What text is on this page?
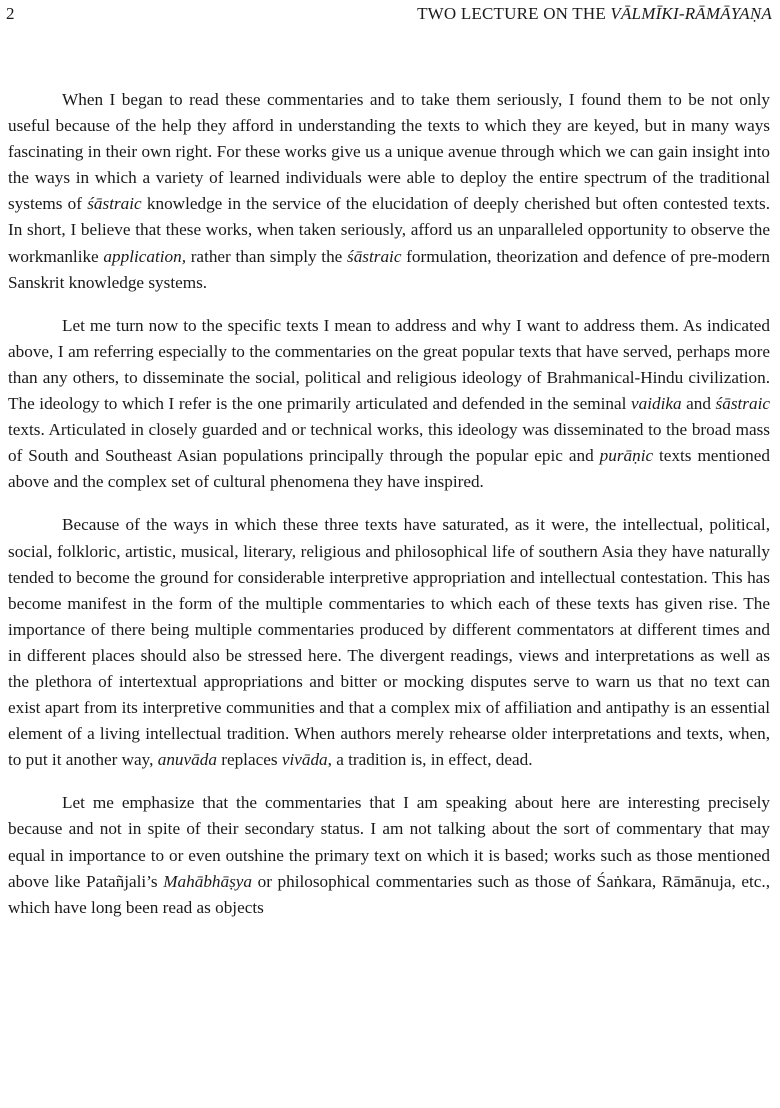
2	TWO LECTURE ON THE VĀLMĪKI-RĀMĀYAṆA

When I began to read these commentaries and to take them seriously, I found them to be not only useful because of the help they afford in understanding the texts to which they are keyed, but in many ways fascinating in their own right. For these works give us a unique avenue through which we can gain insight into the ways in which a variety of learned individuals were able to deploy the entire spectrum of the traditional systems of śāstraic knowledge in the service of the elucidation of deeply cherished but often contested texts. In short, I believe that these works, when taken seriously, afford us an unparalleled opportunity to observe the workmanlike application, rather than simply the śāstraic formulation, theorization and defence of pre-modern Sanskrit knowledge systems.

Let me turn now to the specific texts I mean to address and why I want to address them. As indicated above, I am referring especially to the commentaries on the great popular texts that have served, perhaps more than any others, to disseminate the social, political and religious ideology of Brahmanical-Hindu civilization. The ideology to which I refer is the one primarily articulated and defended in the seminal vaidika and śāstraic texts. Articulated in closely guarded and or technical works, this ideology was disseminated to the broad mass of South and Southeast Asian populations principally through the popular epic and purāṇic texts mentioned above and the complex set of cultural phenomena they have inspired.

Because of the ways in which these three texts have saturated, as it were, the intellectual, political, social, folkloric, artistic, musical, literary, religious and philosophical life of southern Asia they have naturally tended to become the ground for considerable interpretive appropriation and intellectual contestation. This has become manifest in the form of the multiple commentaries to which each of these texts has given rise. The importance of there being multiple commentaries produced by different commentators at different times and in different places should also be stressed here. The divergent readings, views and interpretations as well as the plethora of intertextual appropriations and bitter or mocking disputes serve to warn us that no text can exist apart from its interpretive communities and that a complex mix of affiliation and antipathy is an essential element of a living intellectual tradition. When authors merely rehearse older interpretations and texts, when, to put it another way, anuvāda replaces vivāda, a tradition is, in effect, dead.

Let me emphasize that the commentaries that I am speaking about here are interesting precisely because and not in spite of their secondary status. I am not talking about the sort of commentary that may equal in importance to or even outshine the primary text on which it is based; works such as those mentioned above like Patañjali’s Mahābhāṣya or philosophical commentaries such as those of Śaṅkara, Rāmānuja, etc., which have long been read as objects
